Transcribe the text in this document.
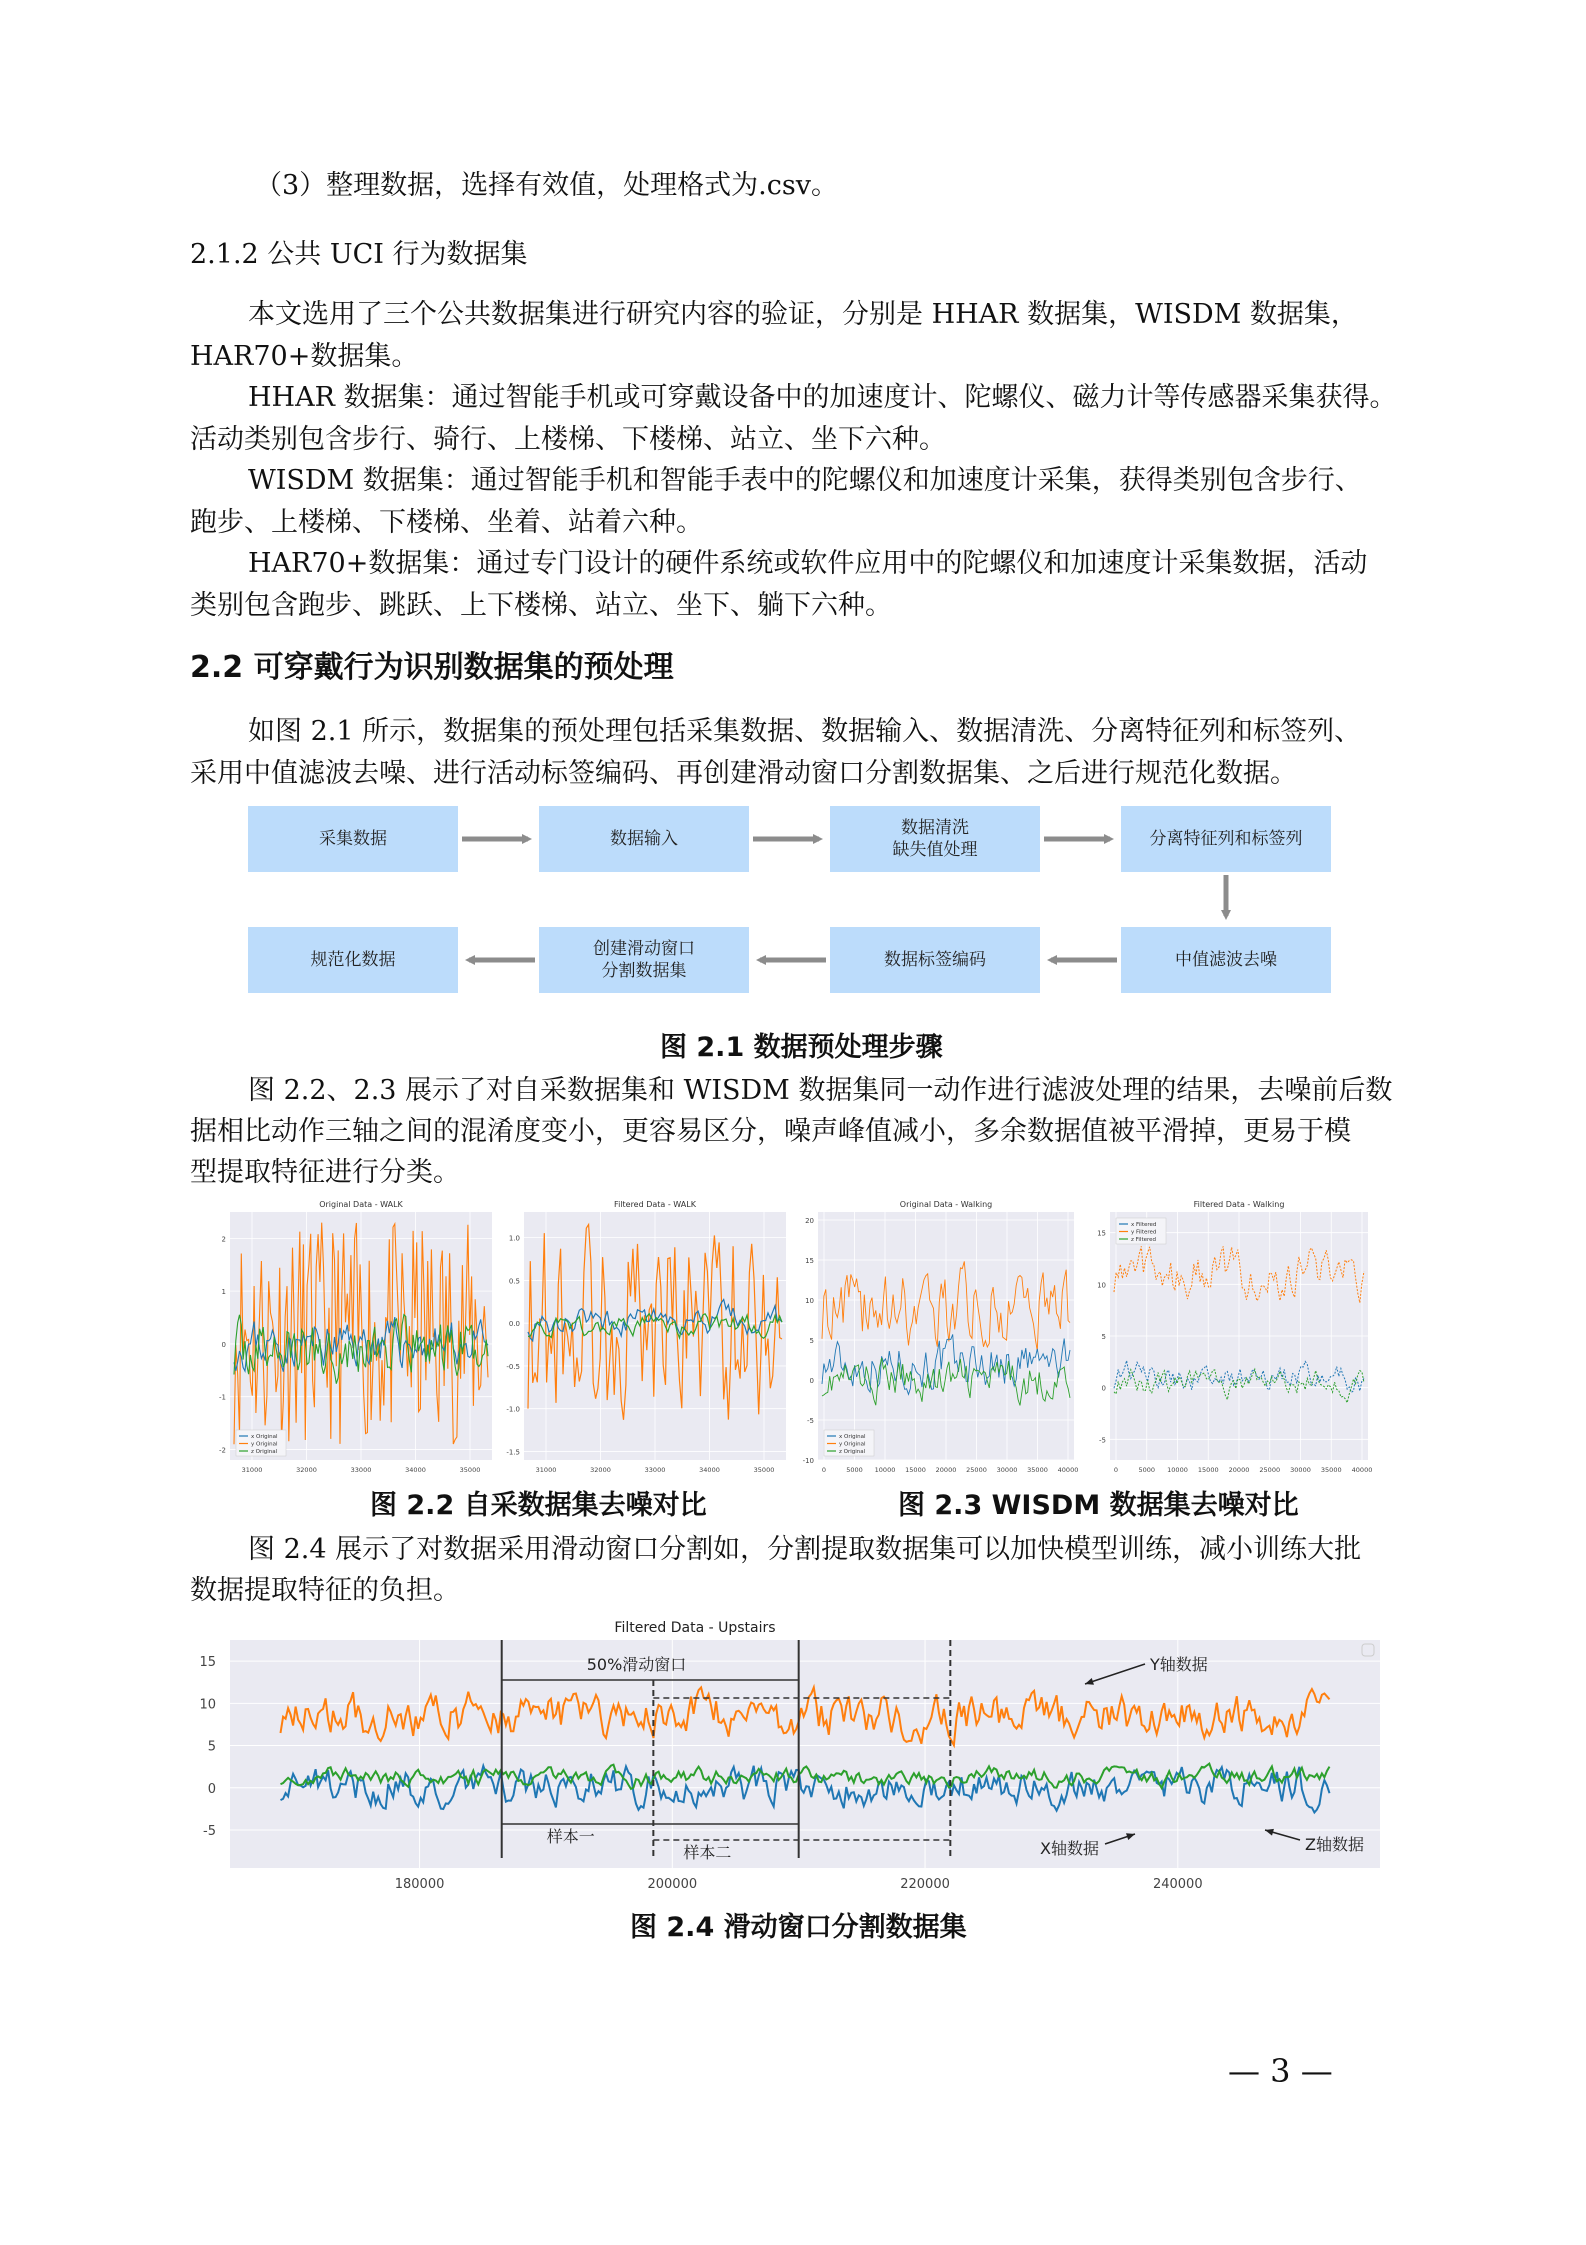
（3）整理数据，选择有效值，处理格式为.csv。
2.1.2 公共 UCI 行为数据集
本文选用了三个公共数据集进行研究内容的验证，分别是 HHAR 数据集，WISDM 数据集，
HAR70+数据集。
HHAR 数据集：通过智能手机或可穿戴设备中的加速度计、陀螺仪、磁力计等传感器采集获得。
活动类别包含步行、骑行、上楼梯、下楼梯、站立、坐下六种。
WISDM 数据集：通过智能手机和智能手表中的陀螺仪和加速度计采集，获得类别包含步行、
跑步、上楼梯、下楼梯、坐着、站着六种。
HAR70+数据集：通过专门设计的硬件系统或软件应用中的陀螺仪和加速度计采集数据，活动
类别包含跑步、跳跃、上下楼梯、站立、坐下、躺下六种。
2.2 可穿戴行为识别数据集的预处理
如图 2.1 所示，数据集的预处理包括采集数据、数据输入、数据清洗、分离特征列和标签列、
采用中值滤波去噪、进行活动标签编码、再创建滑动窗口分割数据集、之后进行规范化数据。
采集数据	数据输入
数据清洗
缺失值处理
分离特征列和标签列
规范化数据
创建滑动窗口
分割数据集
数据标签编码	中值滤波去噪
图 2.1 数据预处理步骤
图 2.2、2.3 展示了对自采数据集和 WISDM 数据集同一动作进行滤波处理的结果，去噪前后数
据相比动作三轴之间的混淆度变小，更容易区分，噪声峰值减小，多余数据值被平滑掉，更易于模
型提取特征进行分类。
Original Data - WALK
2
1
0
-1
-2
31000	32000	33000	34000	35000
x Original
y Original
z Original
Filtered Data - WALK
1.0
0.5
0.0
-0.5
-1.0
-1.5
31000	32000	33000	34000	35000
Original Data - Walking
20
15
10
5
0
-5
-10
0	5000 10000 15000 20000 25000 30000 35000 40000
x Original
y Original
z Original
Filtered Data - Walking
15
10
5
0
-5
0	5000 10000 15000 20000 25000 30000 35000 40000
x Filtered
y Filtered
z Filtered
图 2.2 自采数据集去噪对比	图 2.3 WISDM 数据集去噪对比
图 2.4 展示了对数据采用滑动窗口分割如，分割提取数据集可以加快模型训练，减小训练大批
数据提取特征的负担。
Filtered Data - Upstairs
15
10
5
0
-5
180000	200000	220000	240000
50%滑动窗口
样本一
样本二
Y轴数据
X轴数据	Z轴数据
图 2.4 滑动窗口分割数据集
— 3 —
